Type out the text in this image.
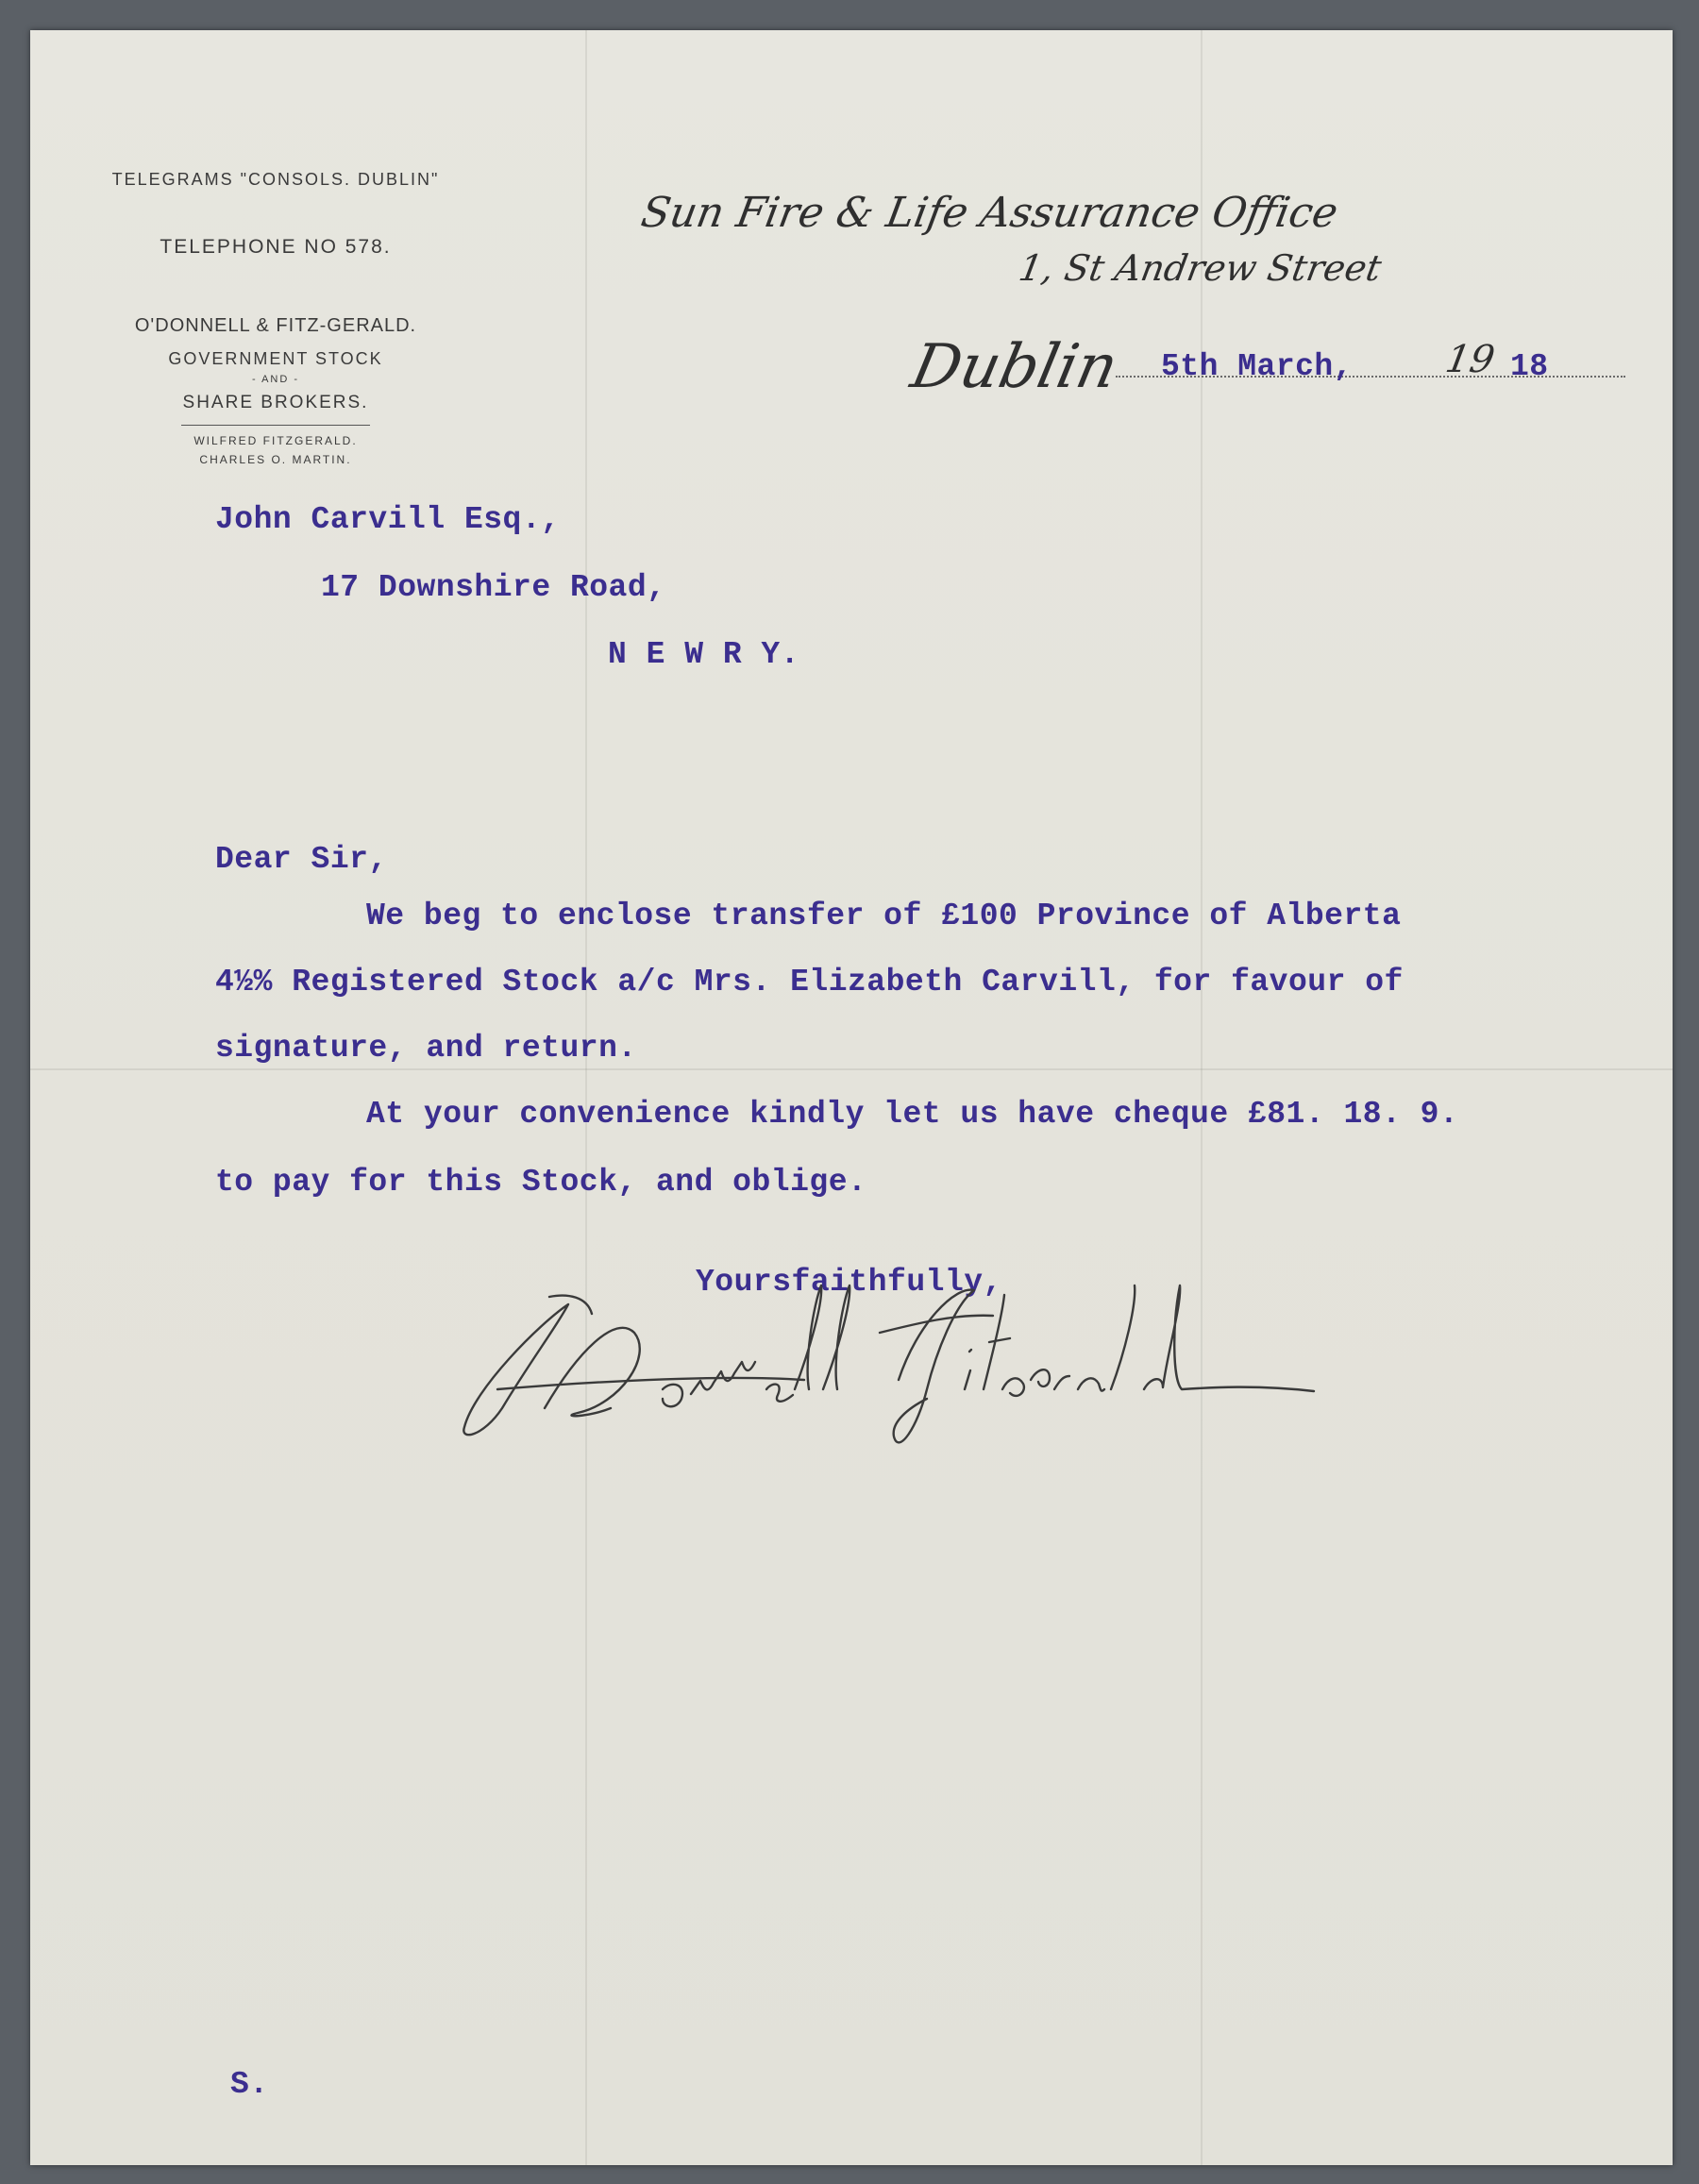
TELEGRAMS "CONSOLS. DUBLIN"
TELEPHONE NO 578.
O'DONNELL & FITZ-GERALD.
GOVERNMENT STOCK
- AND -
SHARE BROKERS.
WILFRED FITZGERALD.
CHARLES O. MARTIN.
Sun Fire & Life Assurance Office
1, St Andrew Street
Dublin 5th March, 19 18
John Carvill Esq.,
17 Downshire Road,
N E W R Y.
Dear Sir,
We beg to enclose transfer of £100 Province of Alberta
4½% Registered Stock a/c Mrs. Elizabeth Carvill, for favour of
signature, and return.
At your convenience kindly let us have cheque £81. 18. 9.
to pay for this Stock, and oblige.
Yoursfaithfully,
S.
